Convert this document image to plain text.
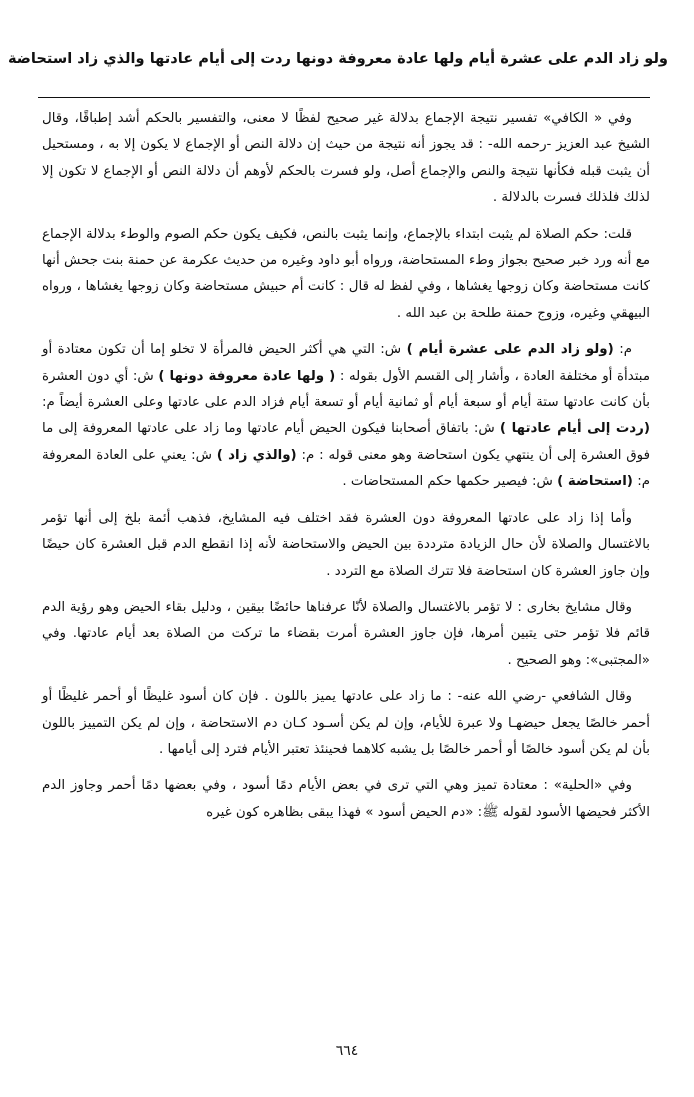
ولو زاد الدم على عشرة أيام ولها عادة معروفة دونها ردت إلى أيام عادتها والذي زاد استحاضة

وفي « الكافي» تفسير نتيجة الإجماع بدلالة غير صحيح لفظًا لا معنى، والتفسير بالحكم أشد إطباقًا، وقال الشيخ عبد العزيز -رحمه الله- : قد يجوز أنه نتيجة من حيث إن دلالة النص أو الإجماع لا يكون إلا به ، ومستحيل أن يثبت قبله فكأنها نتيجة والنص والإجماع أصل، ولو فسرت بالحكم لأوهم أن دلالة النص أو الإجماع لا تكون إلا لذلك فلذلك فسرت بالدلالة .

قلت: حكم الصلاة لم يثبت ابتداء بالإجماع، وإنما يثبت بالنص، فكيف يكون حكم الصوم والوطء بدلالة الإجماع مع أنه ورد خبر صحيح بجواز وطء المستحاضة، ورواه أبو داود وغيره من حديث عكرمة عن حمنة بنت جحش أنها كانت مستحاضة وكان زوجها يغشاها ، وفي لفظ له قال : كانت أم حبيش مستحاضة وكان زوجها يغشاها ، ورواه البيهقي وغيره، وزوج حمنة طلحة بن عبد الله .

م: (ولو زاد الدم على عشرة أيام ) ش: التي هي أكثر الحيض فالمرأة لا تخلو إما أن تكون معتادة أو مبتدأة أو مختلفة العادة ، وأشار إلى القسم الأول بقوله : ( ولها عادة معروفة دونها ) ش: أي دون العشرة بأن كانت عادتها ستة أيام أو سبعة أيام أو ثمانية أيام أو تسعة أيام فزاد الدم على عادتها وعلى العشرة أيضاً م: (ردت إلى أيام عادتها ) ش: باتفاق أصحابنا فيكون الحيض أيام عادتها وما زاد على عادتها المعروفة إلى ما فوق العشرة إلى أن ينتهي يكون استحاضة وهو معنى قوله : م: (والذي زاد ) ش: يعني على العادة المعروفة م: (استحاضة ) ش: فيصير حكمها حكم المستحاضات .

وأما إذا زاد على عادتها المعروفة دون العشرة فقد اختلف فيه المشايخ، فذهب أئمة بلخ إلى أنها تؤمر بالاغتسال والصلاة لأن حال الزيادة مترددة بين الحيض والاستحاضة لأنه إذا انقطع الدم قبل العشرة كان حيضًا وإن جاوز العشرة كان استحاضة فلا تترك الصلاة مع التردد .

وقال مشايخ بخارى : لا تؤمر بالاغتسال والصلاة لأنّا عرفناها حائضًا بيقين ، ودليل بقاء الحيض وهو رؤية الدم قائم فلا تؤمر حتى يتبين أمرها، فإن جاوز العشرة أمرت بقضاء ما تركت من الصلاة بعد أيام عادتها. وفي «المجتبى»: وهو الصحيح .

وقال الشافعي -رضي الله عنه- : ما زاد على عادتها يميز باللون . فإن كان أسود غليظًا أو أحمر غليظًا أو أحمر خالصًا يجعل حيضهـا ولا عبرة للأيام، وإن لم يكن أسـود كـان دم الاستحاضة ، وإن لم يكن التمييز باللون بأن لم يكن أسود خالصًا أو أحمر خالصًا بل يشبه كلاهما فحينئذ تعتبر الأيام فترد إلى أيامها .

وفي «الحلية» : معتادة تميز وهي التي ترى في بعض الأيام دمًا أسود ، وفي بعضها دمًا أحمر وجاوز الدم الأكثر فحيضها الأسود لقوله ﷺ: «دم الحيض أسود » فهذا يبقى بظاهره كون غيره

٦٦٤
